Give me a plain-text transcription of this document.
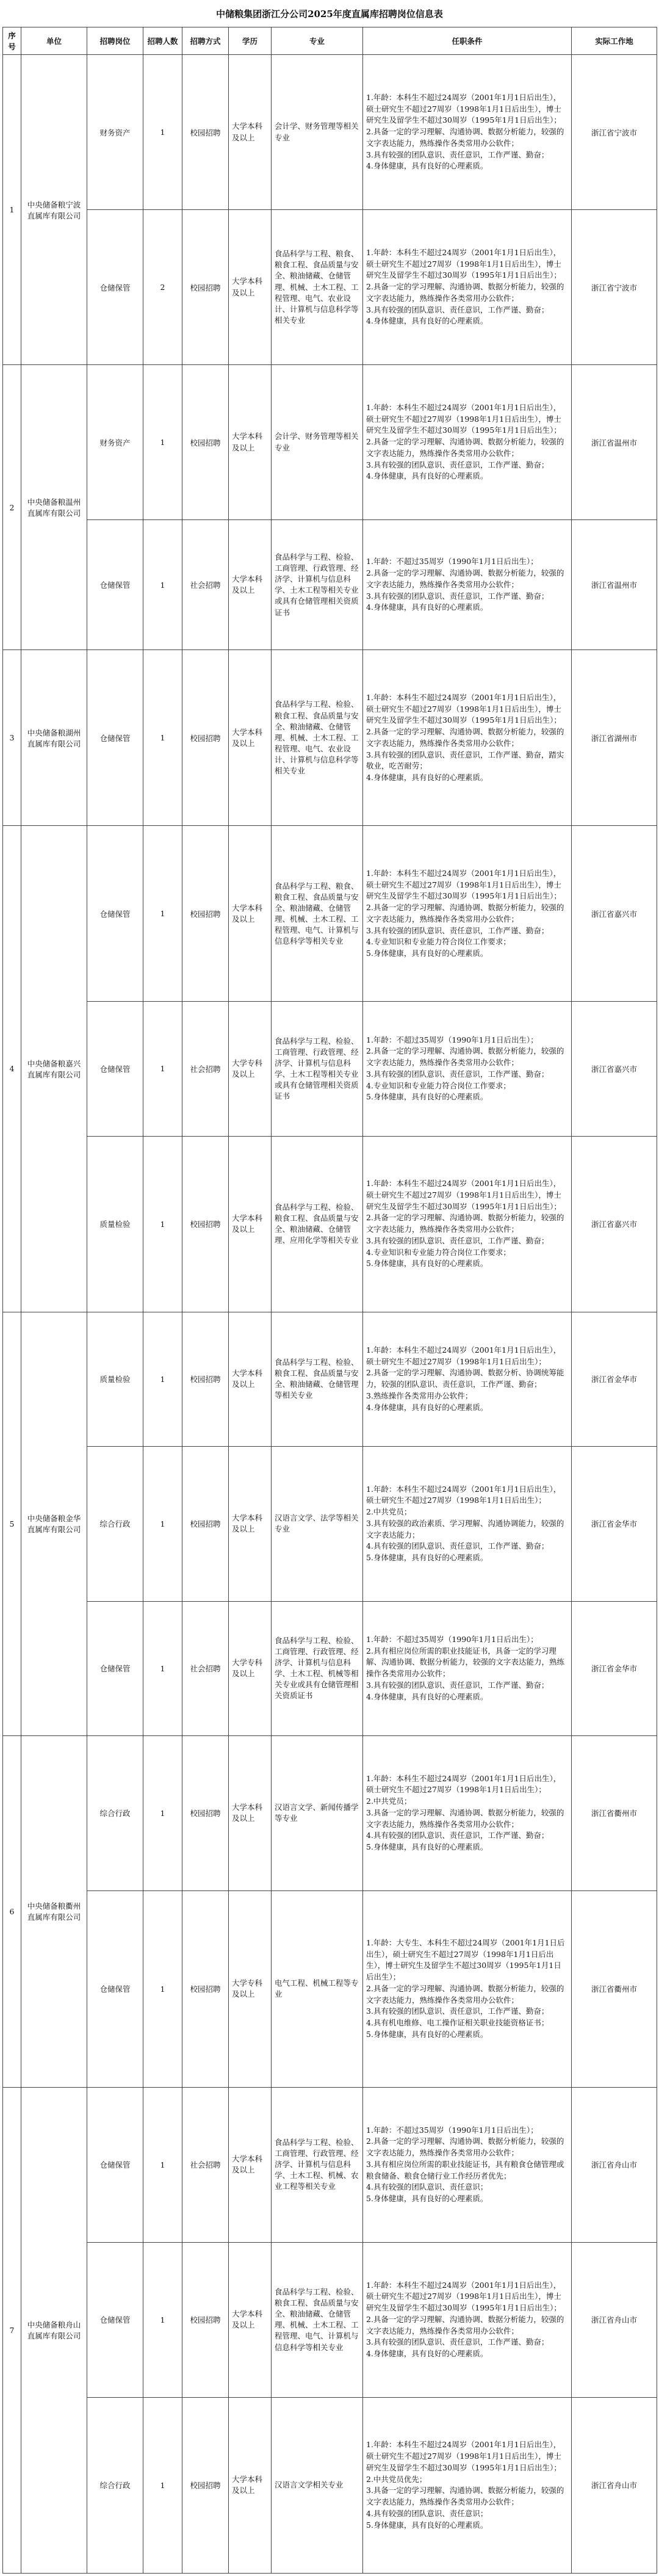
中储粮集团浙江分公司2025年度直属库招聘岗位信息表
序号	单位	招聘岗位	招聘人数	招聘方式	学历	专业	任职条件	实际工作地
1	中央储备粮宁波直属库有限公司	财务资产	1	校园招聘	大学本科及以上	会计学、财务管理等相关专业	1.年龄：本科生不超过24周岁（2001年1月1日后出生），硕士研究生不超过27周岁（1998年1月1日后出生），博士研究生及留学生不超过30周岁（1995年1月1日后出生）；
2.具备一定的学习理解、沟通协调、数据分析能力，较强的文字表达能力，熟练操作各类常用办公软件；
3.具有较强的团队意识、责任意识，工作严谨、勤奋；
4.身体健康，具有良好的心理素质。	浙江省宁波市
		仓储保管	2	校园招聘	大学本科及以上	食品科学与工程、粮食、粮食工程、食品质量与安全、粮油储藏、仓储管理、机械、土木工程、工程管理、电气、农业设计、计算机与信息科学等相关专业	1.年龄：本科生不超过24周岁（2001年1月1日后出生），硕士研究生不超过27周岁（1998年1月1日后出生），博士研究生及留学生不超过30周岁（1995年1月1日后出生）；
2.具备一定的学习理解、沟通协调、数据分析能力，较强的文字表达能力，熟练操作各类常用办公软件；
3.具有较强的团队意识、责任意识，工作严谨、勤奋；
4.身体健康，具有良好的心理素质。	浙江省宁波市
2	中央储备粮温州直属库有限公司	财务资产	1	校园招聘	大学本科及以上	会计学、财务管理等相关专业	1.年龄：本科生不超过24周岁（2001年1月1日后出生），硕士研究生不超过27周岁（1998年1月1日后出生），博士研究生及留学生不超过30周岁（1995年1月1日后出生）；
2.具备一定的学习理解、沟通协调、数据分析能力，较强的文字表达能力，熟练操作各类常用办公软件；
3.具有较强的团队意识、责任意识，工作严谨、勤奋；
4.身体健康，具有良好的心理素质。	浙江省温州市
		仓储保管	1	社会招聘	大学本科及以上	食品科学与工程、检验、工商管理、行政管理、经济学、计算机与信息科学、土木工程等相关专业或具有仓储管理相关资质证书	1.年龄：不超过35周岁（1990年1月1日后出生）；
2.具备一定的学习理解、沟通协调、数据分析能力，较强的文字表达能力，熟练操作各类常用办公软件；
3.具有较强的团队意识、责任意识，工作严谨、勤奋；
4.身体健康，具有良好的心理素质。	浙江省温州市
3	中央储备粮湖州直属库有限公司	仓储保管	1	校园招聘	大学本科及以上	食品科学与工程、检验、粮食工程、食品质量与安全、粮油储藏、仓储管理、机械、土木工程、工程管理、电气、农业设计、计算机与信息科学等相关专业	1.年龄：本科生不超过24周岁（2001年1月1日后出生），硕士研究生不超过27周岁（1998年1月1日后出生），博士研究生及留学生不超过30周岁（1995年1月1日后出生）；
2.具备一定的学习理解、沟通协调、数据分析能力，较强的文字表达能力，熟练操作各类常用办公软件；
3.具有较强的团队意识、责任意识，工作严谨、勤奋，踏实敬业，吃苦耐劳；
4.身体健康，具有良好的心理素质。	浙江省湖州市
4	中央储备粮嘉兴直属库有限公司	仓储保管	1	校园招聘	大学本科及以上	食品科学与工程、粮食、粮食工程、食品质量与安全、粮油储藏、仓储管理、机械、土木工程、工程管理、电气、计算机与信息科学等相关专业	1.年龄：本科生不超过24周岁（2001年1月1日后出生），硕士研究生不超过27周岁（1998年1月1日后出生），博士研究生及留学生不超过30周岁（1995年1月1日后出生）；
2.具备一定的学习理解、沟通协调、数据分析能力，较强的文字表达能力，熟练操作各类常用办公软件；
3.具有较强的团队意识、责任意识，工作严谨、勤奋；
4.专业知识和专业能力符合岗位工作要求；
5.身体健康，具有良好的心理素质。	浙江省嘉兴市
		仓储保管	1	社会招聘	大学专科及以上	食品科学与工程、检验、工商管理、行政管理、经济学、计算机与信息科学、土木工程等相关专业或具有仓储管理相关资质证书	1.年龄：不超过35周岁（1990年1月1日后出生）；
2.具备一定的学习理解、沟通协调、数据分析能力，较强的文字表达能力，熟练操作各类常用办公软件；
3.具有较强的团队意识、责任意识，工作严谨、勤奋；
4.专业知识和专业能力符合岗位工作要求；
5.身体健康，具有良好的心理素质。	浙江省嘉兴市
		质量检验	1	校园招聘	大学本科及以上	食品科学与工程、检验、粮食工程、食品质量与安全、粮油储藏、仓储管理、应用化学等相关专业	1.年龄：本科生不超过24周岁（2001年1月1日后出生），硕士研究生不超过27周岁（1998年1月1日后出生），博士研究生及留学生不超过30周岁（1995年1月1日后出生）；
2.具备一定的学习理解、沟通协调、数据分析能力，较强的文字表达能力，熟练操作各类常用办公软件；
3.具有较强的团队意识、责任意识，工作严谨、勤奋；
4.专业知识和专业能力符合岗位工作要求；
5.身体健康，具有良好的心理素质。	浙江省嘉兴市
5	中央储备粮金华直属库有限公司	质量检验	1	校园招聘	大学本科及以上	食品科学与工程、检验、粮食工程、食品质量与安全、粮油储藏、仓储管理等相关专业	1.年龄：本科生不超过24周岁（2001年1月1日后出生），硕士研究生不超过27周岁（1998年1月1日后出生）；
2.具备一定的学习理解、沟通协调、数据分析、协调统筹能力，较强的团队意识、责任意识，工作严谨、勤奋；
3.熟练操作各类常用办公软件；
4.身体健康，具有良好的心理素质。	浙江省金华市
		综合行政	1	校园招聘	大学本科及以上	汉语言文学、法学等相关专业	1.年龄：本科生不超过24周岁（2001年1月1日后出生），硕士研究生不超过27周岁（1998年1月1日后出生）；
2.中共党员；
3.具有较强的政治素质、学习理解、沟通协调能力，较强的文字表达能力；
4.具有较强的团队意识、责任意识，工作严谨、勤奋；
5.身体健康，具有良好的心理素质。	浙江省金华市
		仓储保管	1	社会招聘	大学专科及以上	食品科学与工程、检验、工商管理、行政管理、经济学、计算机与信息科学、土木工程、机械等相关专业或具有仓储管理相关资质证书	1.年龄：不超过35周岁（1990年1月1日后出生）；
2.具有相应岗位所需的职业技能证书，具备一定的学习理解、沟通协调、数据分析能力，较强的文字表达能力，熟练操作各类常用办公软件；
3.具有较强的团队意识、责任意识，工作严谨、勤奋；
4.身体健康，具有良好的心理素质。	浙江省金华市
6	中央储备粮衢州直属库有限公司	综合行政	1	校园招聘	大学本科及以上	汉语言文学、新闻传播学等专业	1.年龄：本科生不超过24周岁（2001年1月1日后出生），硕士研究生不超过27周岁（1998年1月1日后出生）；
2.中共党员；
3.具备一定的学习理解、沟通协调、数据分析能力，较强的文字表达能力，熟练操作各类常用办公软件；
4.具有较强的团队意识、责任意识，工作严谨、勤奋；
5.身体健康，具有良好的心理素质。	浙江省衢州市
		仓储保管	1	校园招聘	大学专科及以上	电气工程、机械工程等专业	1.年龄：大专生、本科生不超过24周岁（2001年1月1日后出生），硕士研究生不超过27周岁（1998年1月1日后出生），博士研究生及留学生不超过30周岁（1995年1月1日后出生）；
2.具备一定的学习理解、沟通协调、数据分析能力，较强的文字表达能力，熟练操作各类常用办公软件；
3.具有较强的团队意识、责任意识，工作严谨、勤奋；
4.具有机电维修、电工操作证相关职业技能资格证书；
5.身体健康，具有良好的心理素质。	浙江省衢州市
7	中央储备粮舟山直属库有限公司	仓储保管	1	社会招聘	大学本科及以上	食品科学与工程、检验、工商管理、行政管理、经济学、计算机与信息科学、土木工程、机械、农业工程等相关专业	1.年龄：不超过35周岁（1990年1月1日后出生）；
2.具备一定的学习理解、沟通协调、数据分析能力，较强的文字表达能力，熟练操作各类常用办公软件；
3.具有相应岗位所需的职业技能证书，具有粮食仓储管理或粮食储备、粮食仓储行业工作经历者优先；
4.具有较强的团队意识、责任意识；
5.身体健康，具有良好的心理素质。	浙江省舟山市
		仓储保管	1	校园招聘	大学本科及以上	食品科学与工程、检验、粮食工程、食品质量与安全、粮油储藏、仓储管理、机械、土木工程、工程管理、电气、计算机与信息科学等相关专业	1.年龄：本科生不超过24周岁（2001年1月1日后出生），硕士研究生不超过27周岁（1998年1月1日后出生），博士研究生及留学生不超过30周岁（1995年1月1日后出生）；
2.具备一定的学习理解、沟通协调、数据分析能力，较强的文字表达能力，熟练操作各类常用办公软件；
3.具有较强的团队意识、责任意识，工作严谨、勤奋；
4.身体健康，具有良好的心理素质。	浙江省舟山市
		综合行政	1	校园招聘	大学本科及以上	汉语言文学相关专业	1.年龄：本科生不超过24周岁（2001年1月1日后出生），硕士研究生不超过27周岁（1998年1月1日后出生），博士研究生及留学生不超过30周岁（1995年1月1日后出生）；
2.中共党员优先；
3.具备一定的学习理解、沟通协调、数据分析能力，较强的文字表达能力，熟练操作各类常用办公软件；
4.具有较强的团队意识、责任意识；
5.身体健康，具有良好的心理素质。	浙江省舟山市
